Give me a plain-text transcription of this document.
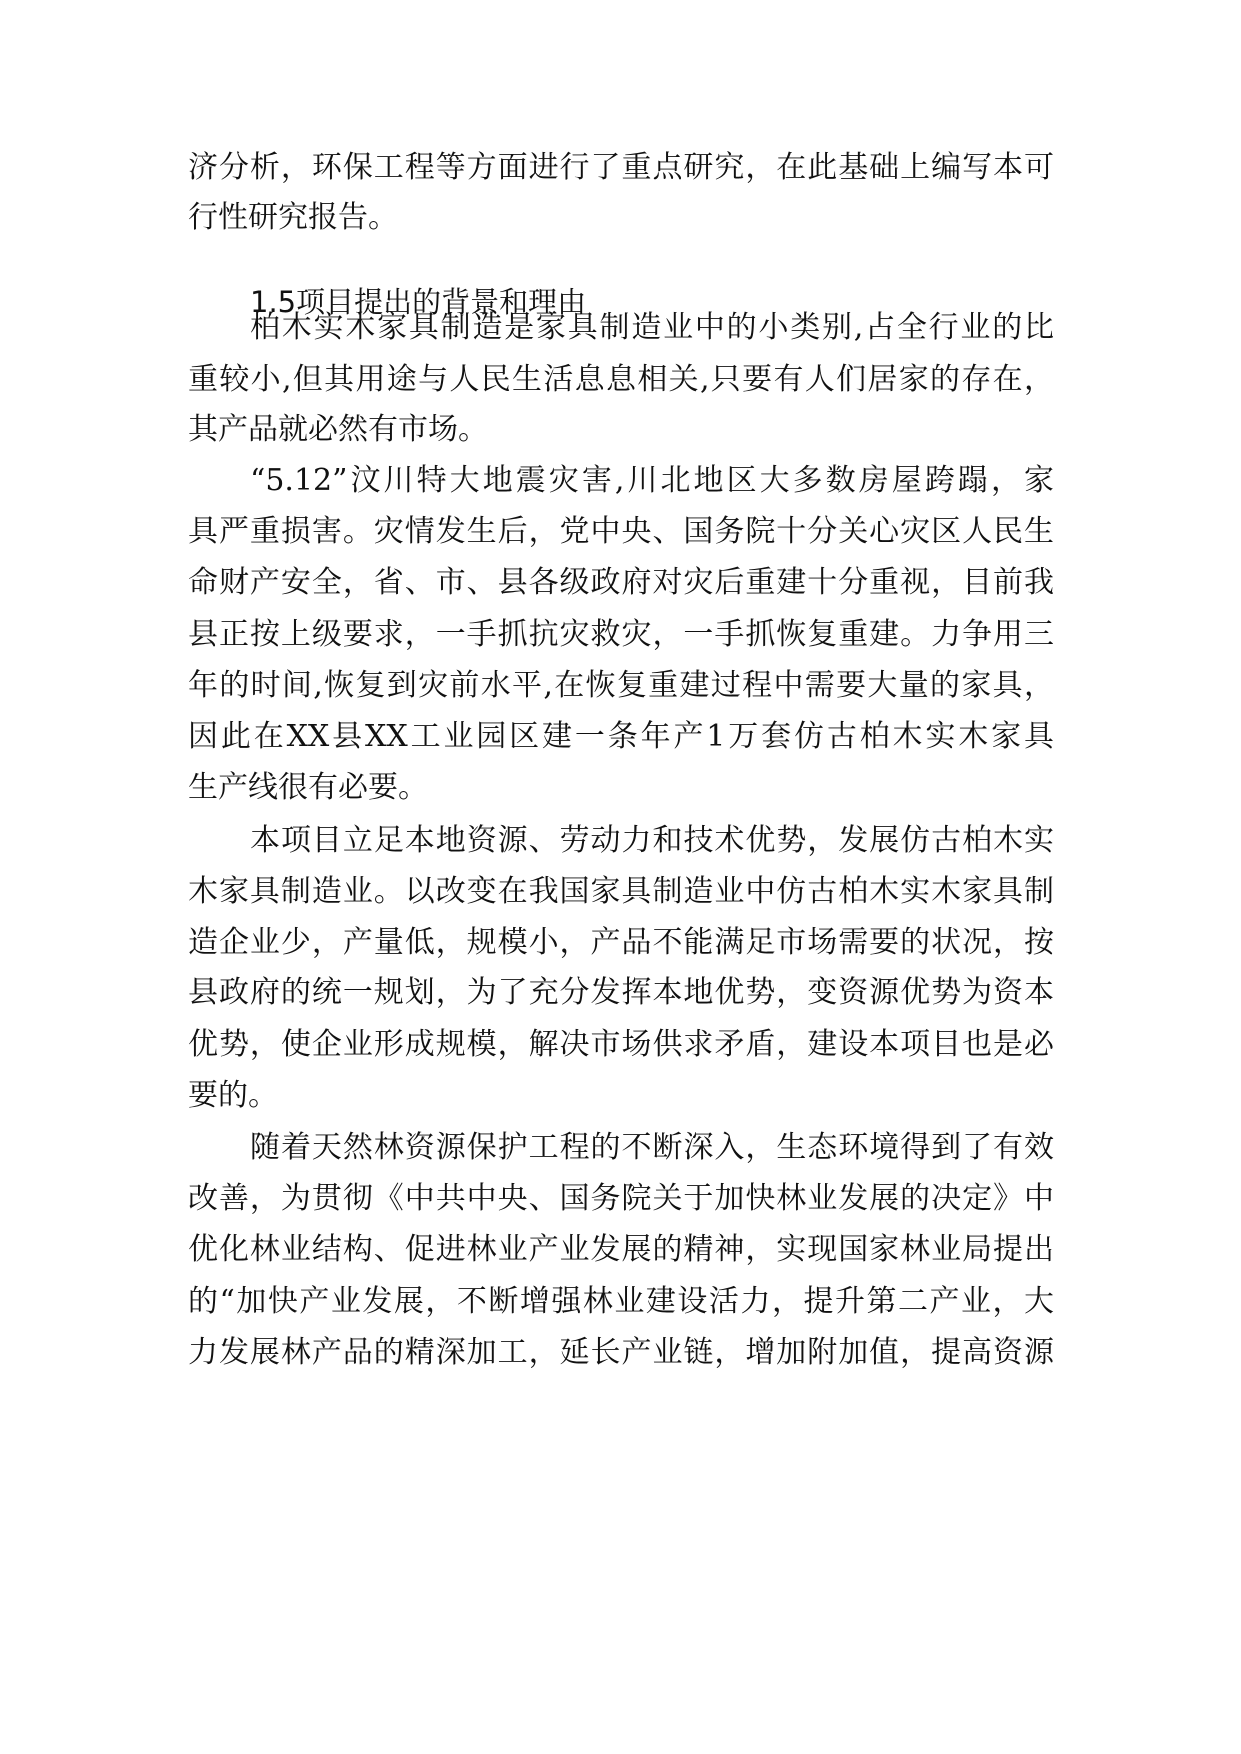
济分析，环保工程等方面进行了重点研究，在此基础上编写本可
行性研究报告。
1.5项目提出的背景和理由
柏木实木家具制造是家具制造业中的小类别,占全行业的比
重较小,但其用途与人民生活息息相关,只要有人们居家的存在，
其产品就必然有市场。
“5.12”汶川特大地震灾害,川北地区大多数房屋跨蹋，家
具严重损害。灾情发生后，党中央、国务院十分关心灾区人民生
命财产安全，省、市、县各级政府对灾后重建十分重视，目前我
县正按上级要求，一手抓抗灾救灾，一手抓恢复重建。力争用三
年的时间,恢复到灾前水平,在恢复重建过程中需要大量的家具，
因此在XX县XX工业园区建一条年产1万套仿古柏木实木家具
生产线很有必要。
本项目立足本地资源、劳动力和技术优势，发展仿古柏木实
木家具制造业。以改变在我国家具制造业中仿古柏木实木家具制
造企业少，产量低，规模小，产品不能满足市场需要的状况，按
县政府的统一规划，为了充分发挥本地优势，变资源优势为资本
优势，使企业形成规模，解决市场供求矛盾，建设本项目也是必
要的。
随着天然林资源保护工程的不断深入，生态环境得到了有效
改善，为贯彻《中共中央、国务院关于加快林业发展的决定》中
优化林业结构、促进林业产业发展的精神，实现国家林业局提出
的“加快产业发展，不断增强林业建设活力，提升第二产业，大
力发展林产品的精深加工，延长产业链，增加附加值，提高资源
